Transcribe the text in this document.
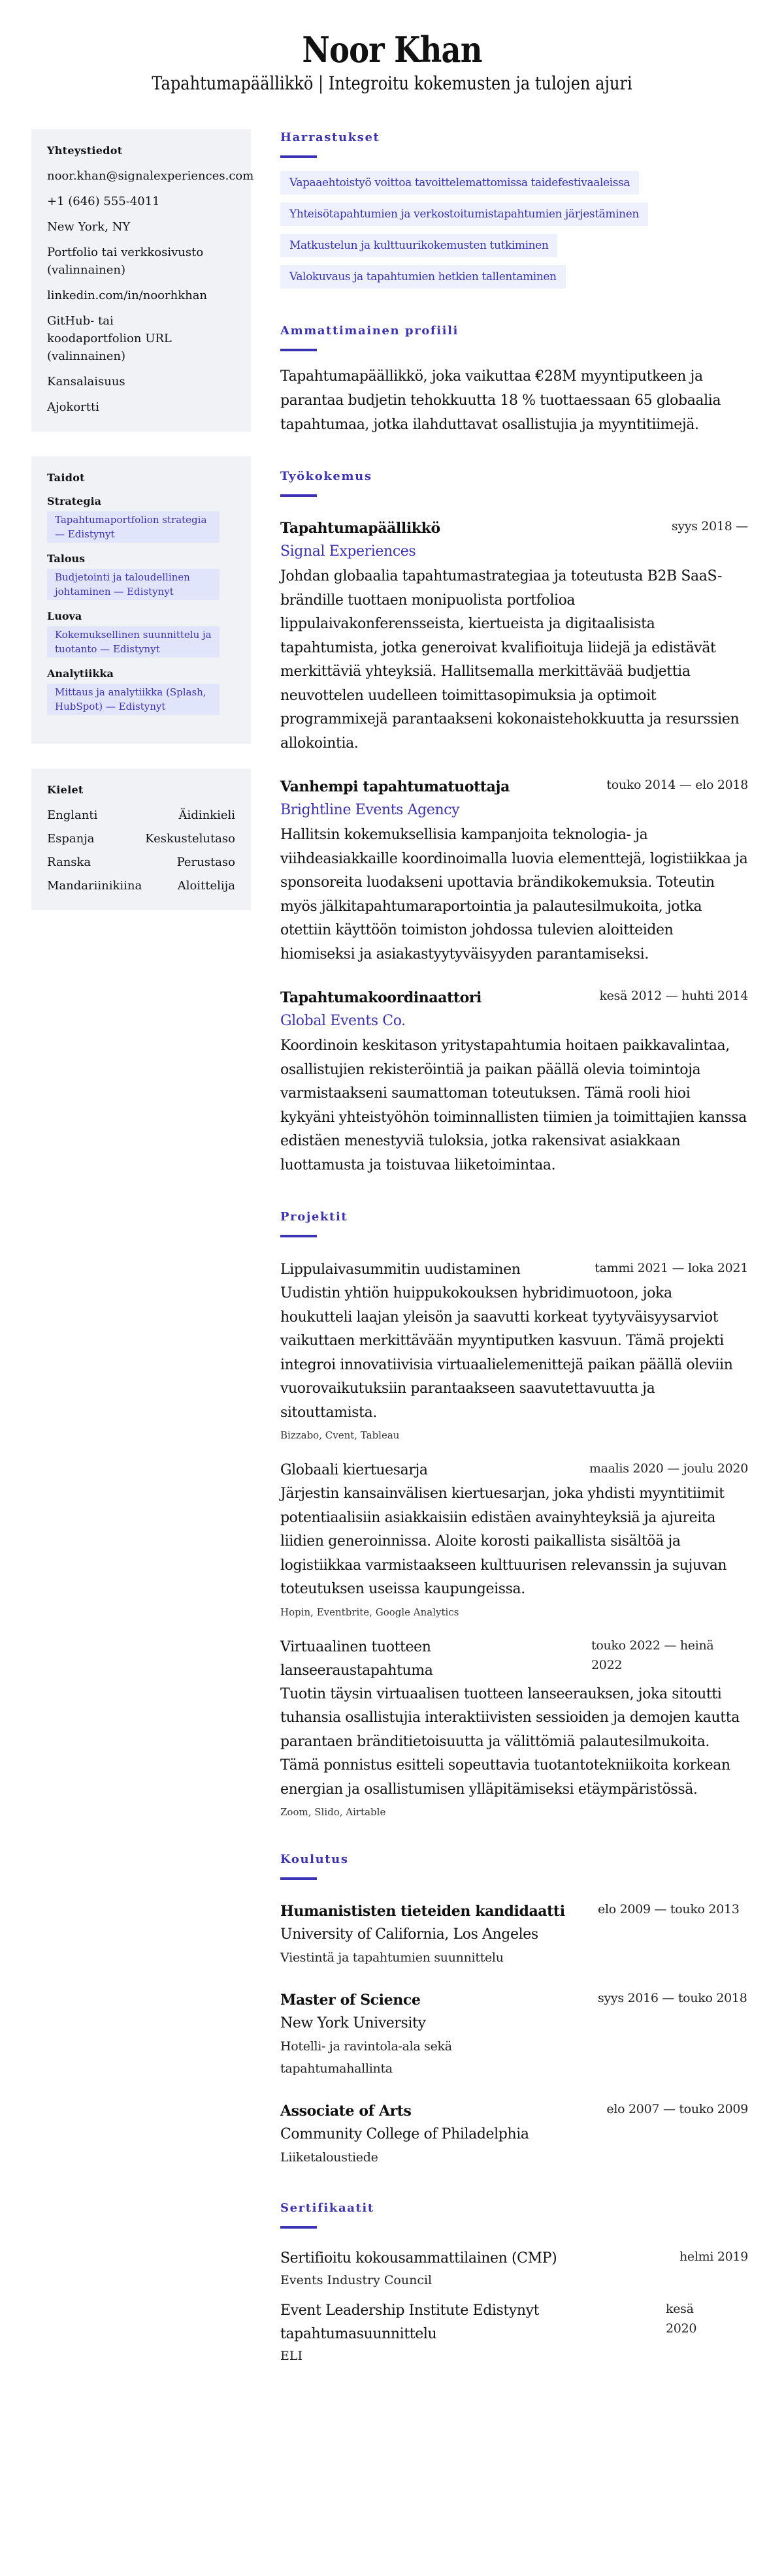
Noor Khan
Tapahtumapäällikkö | Integroitu kokemusten ja tulojen ajuri
Yhteystiedot
noor.khan@signalexperiences.com
+1 (646) 555-4011
New York, NY
Portfolio tai verkkosivusto (valinnainen)
linkedin.com/in/noorhkhan
GitHub- tai koodaportfolion URL (valinnainen)
Kansalaisuus
Ajokortti
Taidot
Strategia
Tapahtumaportfolion strategia — Edistynyt
Talous
Budjetointi ja taloudellinen johtaminen — Edistynyt
Luova
Kokemuksellinen suunnittelu ja tuotanto — Edistynyt
Analytiikka
Mittaus ja analytiikka (Splash, HubSpot) — Edistynyt
Kielet
Englanti	Äidinkieli
Espanja	Keskustelutaso
Ranska	Perustaso
Mandariinikiina	Aloittelija
Harrastukset
Vapaaehtoistyö voittoa tavoittelemattomissa taidefestivaaleissa
Yhteisötapahtumien ja verkostoitumistapahtumien järjestäminen
Matkustelun ja kulttuurikokemusten tutkiminen
Valokuvaus ja tapahtumien hetkien tallentaminen
Ammattimainen profiili

Tapahtumapäällikkö, joka vaikuttaa €28M myyntiputkeen ja parantaa budjetin tehokkuutta 18 % tuottaessaan 65 globaalia tapahtumaa, jotka ilahduttavat osallistujia ja myyntitiimejä.

Työkokemus
Tapahtumapäällikkö	syys 2018 —
Signal Experiences

Johdan globaalia tapahtumastrategiaa ja toteutusta B2B SaaS-brändille tuottaen monipuolista portfolioa lippulaivakonferensseista, kiertueista ja digitaalisista tapahtumista, jotka generoivat kvalifioituja liidejä ja edistävät merkittäviä yhteyksiä. Hallitsemalla merkittävää budjettia neuvottelen uudelleen toimittasopimuksia ja optimoit programmixejä parantaakseni kokonaistehokkuutta ja resurssien allokointia.

Vanhempi tapahtumatuottaja	touko 2014 — elo 2018
Brightline Events Agency

Hallitsin kokemuksellisia kampanjoita teknologia- ja viihdeasiakkaille koordinoimalla luovia elementtejä, logistiikkaa ja sponsoreita luodakseni upottavia brändikokemuksia. Toteutin myös jälkitapahtumaraportointia ja palautesilmukoita, jotka otettiin käyttöön toimiston johdossa tulevien aloitteiden hiomiseksi ja asiakastyytyväisyyden parantamiseksi.

Tapahtumakoordinaattori	kesä 2012 — huhti 2014
Global Events Co.

Koordinoin keskitason yritystapahtumia hoitaen paikkavalintaa, osallistujien rekisteröintiä ja paikan päällä olevia toimintoja varmistaakseni saumattoman toteutuksen. Tämä rooli hioi kykyäni yhteistyöhön toiminnallisten tiimien ja toimittajien kanssa edistäen menestyviä tuloksia, jotka rakensivat asiakkaan luottamusta ja toistuvaa liiketoimintaa.

Projektit
Lippulaivasummitin uudistaminen	tammi 2021 — loka 2021

Uudistin yhtiön huippukokouksen hybridimuotoon, joka houkutteli laajan yleisön ja saavutti korkeat tyytyväisyysarviot vaikuttaen merkittävään myyntiputken kasvuun. Tämä projekti integroi innovatiivisia virtuaalielemenittejä paikan päällä oleviin vuorovaikutuksiin parantaakseen saavutettavuutta ja sitouttamista.

Bizzabo, Cvent, Tableau
Globaali kiertuesarja	maalis 2020 — joulu 2020

Järjestin kansainvälisen kiertuesarjan, joka yhdisti myyntitiimit potentiaalisiin asiakkaisiin edistäen avainyhteyksiä ja ajureita liidien generoinnissa. Aloite korosti paikallista sisältöä ja logistiikkaa varmistaakseen kulttuurisen relevanssin ja sujuvan toteutuksen useissa kaupungeissa.

Hopin, Eventbrite, Google Analytics
Virtuaalinen tuotteen lanseeraustapahtuma
touko 2022 — heinä 2022

Tuotin täysin virtuaalisen tuotteen lanseerauksen, joka sitoutti tuhansia osallistujia interaktiivisten sessioiden ja demojen kautta parantaen bränditietoisuutta ja välittömiä palautesilmukoita. Tämä ponnistus esitteli sopeuttavia tuotantotekniikoita korkean energian ja osallistumisen ylläpitämiseksi etäympäristössä.

Zoom, Slido, Airtable
Koulutus
Humanististen tieteiden kandidaatti	elo 2009 — touko 2013
University of California, Los Angeles
Viestintä ja tapahtumien suunnittelu
Master of Science	syys 2016 — touko 2018
New York University
Hotelli- ja ravintola-ala sekä tapahtumahallinta
Associate of Arts	elo 2007 — touko 2009
Community College of Philadelphia
Liiketaloustiede
Sertifikaatit
Sertifioitu kokousammattilainen (CMP)	helmi 2019
Events Industry Council
Event Leadership Institute Edistynyt tapahtumasuunnittelu
kesä 2020
ELI
